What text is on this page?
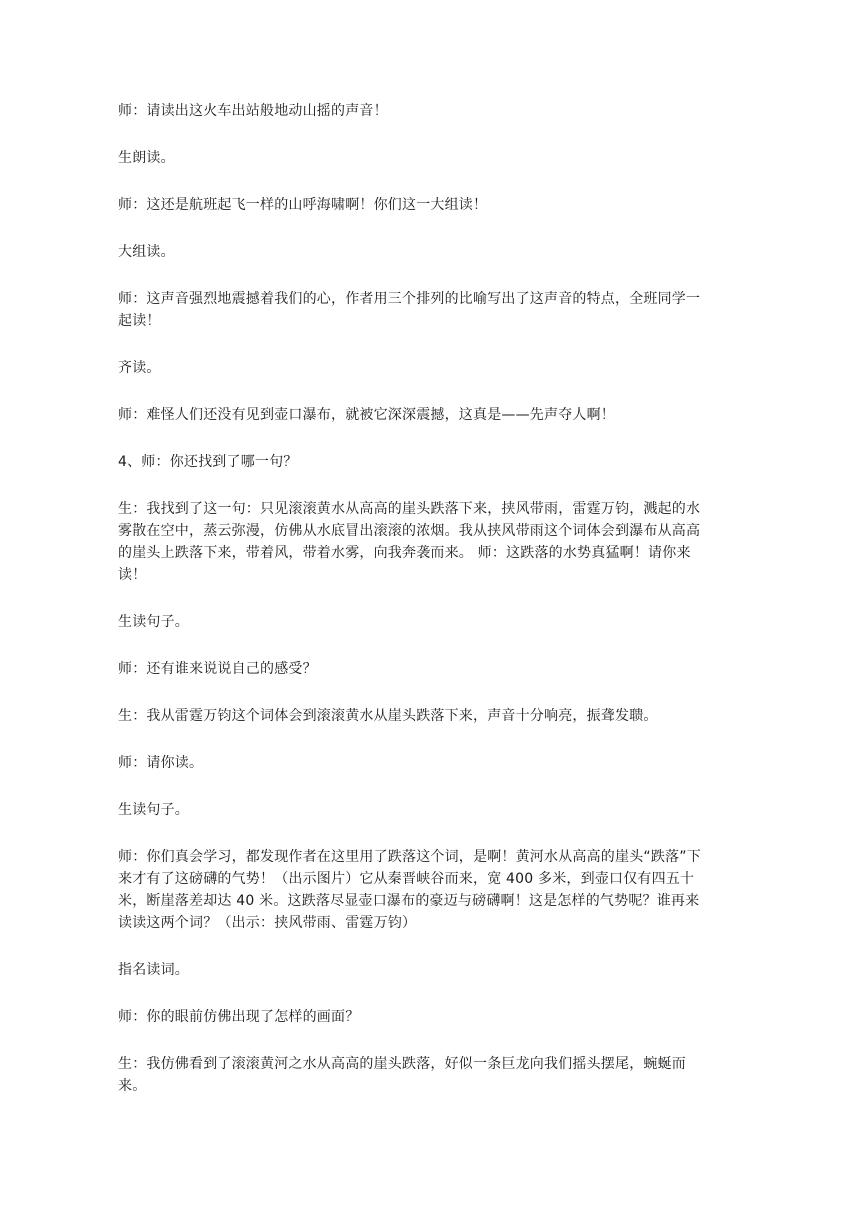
师：请读出这火车出站般地动山摇的声音！

生朗读。

师：这还是航班起飞一样的山呼海啸啊！你们这一大组读！

大组读。

师：这声音强烈地震撼着我们的心，作者用三个排列的比喻写出了这声音的特点，全班同学一起读！

齐读。

师：难怪人们还没有见到壶口瀑布，就被它深深震撼，这真是——先声夺人啊！

4、师：你还找到了哪一句？

生：我找到了这一句：只见滚滚黄水从高高的崖头跌落下来，挟风带雨，雷霆万钧，溅起的水雾散在空中，蒸云弥漫，仿佛从水底冒出滚滚的浓烟。我从挟风带雨这个词体会到瀑布从高高的崖头上跌落下来，带着风，带着水雾，向我奔袭而来。 师：这跌落的水势真猛啊！请你来读！

生读句子。

师：还有谁来说说自己的感受？

生：我从雷霆万钧这个词体会到滚滚黄水从崖头跌落下来，声音十分响亮，振聋发聩。

师：请你读。

生读句子。

师：你们真会学习，都发现作者在这里用了跌落这个词，是啊！黄河水从高高的崖头“跌落”下来才有了这磅礴的气势！（出示图片）它从秦晋峡谷而来，宽 400 多米，到壶口仅有四五十米，断崖落差却达 40 米。这跌落尽显壶口瀑布的豪迈与磅礴啊！这是怎样的气势呢？谁再来读读这两个词？（出示：挟风带雨、雷霆万钧）

指名读词。

师：你的眼前仿佛出现了怎样的画面？

生：我仿佛看到了滚滚黄河之水从高高的崖头跌落，好似一条巨龙向我们摇头摆尾，蜿蜒而来。
